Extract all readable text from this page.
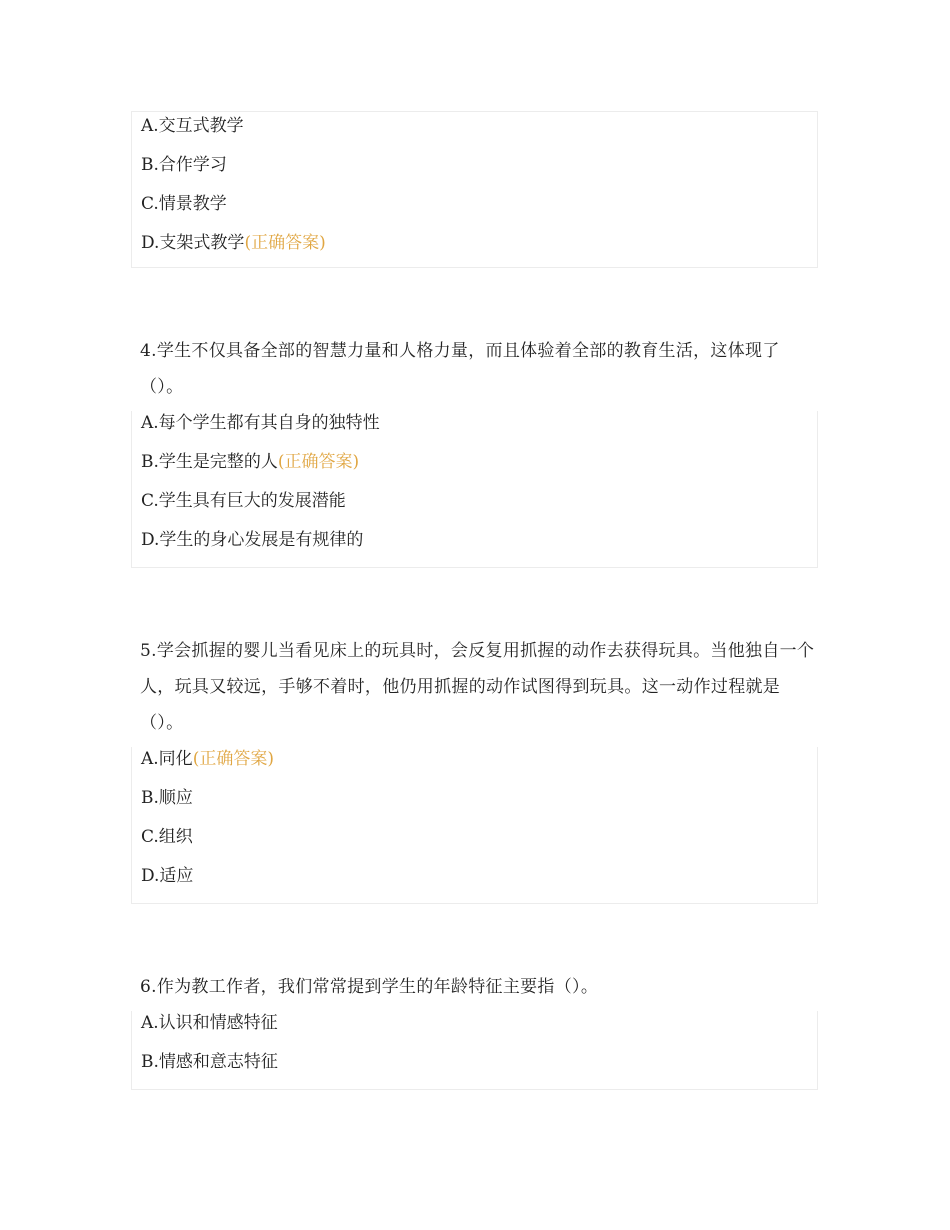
A.交互式教学
B.合作学习
C.情景教学
D.支架式教学(正确答案)
4.学生不仅具备全部的智慧力量和人格力量，而且体验着全部的教育生活，这体现了（）。
A.每个学生都有其自身的独特性
B.学生是完整的人(正确答案)
C.学生具有巨大的发展潜能
D.学生的身心发展是有规律的
5.学会抓握的婴儿当看见床上的玩具时，会反复用抓握的动作去获得玩具。当他独自一个人，玩具又较远，手够不着时，他仍用抓握的动作试图得到玩具。这一动作过程就是（）。
A.同化(正确答案)
B.顺应
C.组织
D.适应
6.作为教工作者，我们常常提到学生的年龄特征主要指（）。
A.认识和情感特征
B.情感和意志特征
